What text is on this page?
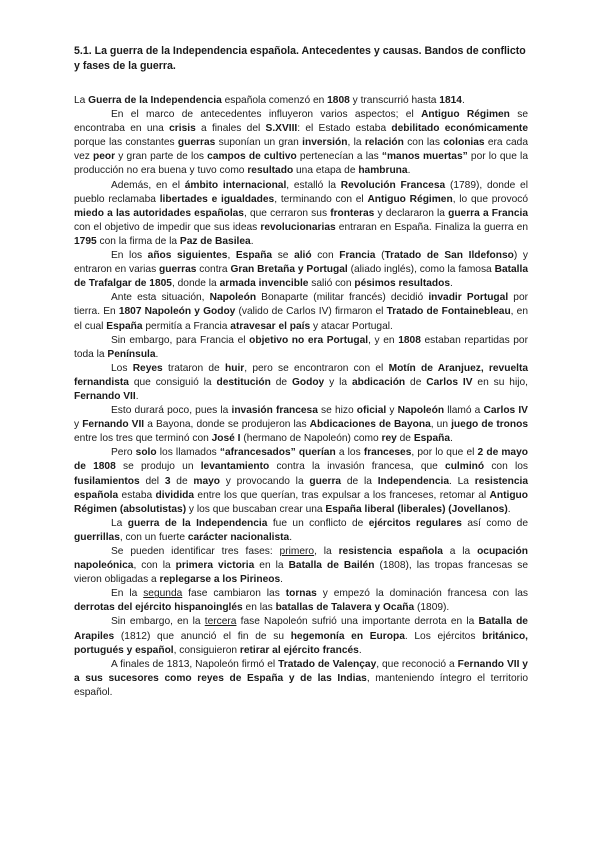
5.1. La guerra de la Independencia española. Antecedentes y causas. Bandos de conflicto y fases de la guerra.

La Guerra de la Independencia española comenzó en 1808 y transcurrió hasta 1814.

En el marco de antecedentes influyeron varios aspectos; el Antiguo Régimen se encontraba en una crisis a finales del S.XVIII: el Estado estaba debilitado económicamente porque las constantes guerras suponían un gran inversión, la relación con las colonias era cada vez peor y gran parte de los campos de cultivo pertenecían a las “manos muertas” por lo que la producción no era buena y tuvo como resultado una etapa de hambruna.

Además, en el ámbito internacional, estalló la Revolución Francesa (1789), donde el pueblo reclamaba libertades e igualdades, terminando con el Antiguo Régimen, lo que provocó miedo a las autoridades españolas, que cerraron sus fronteras y declararon la guerra a Francia con el objetivo de impedir que sus ideas revolucionarias entraran en España. Finaliza la guerra en 1795 con la firma de la Paz de Basilea.

En los años siguientes, España se alió con Francia (Tratado de San Ildefonso) y entraron en varias guerras contra Gran Bretaña y Portugal (aliado inglés), como la famosa Batalla de Trafalgar de 1805, donde la armada invencible salió con pésimos resultados.

Ante esta situación, Napoleón Bonaparte (militar francés) decidió invadir Portugal por tierra. En 1807 Napoleón y Godoy (valido de Carlos IV) firmaron el Tratado de Fontainebleau, en el cual España permitía a Francia atravesar el país y atacar Portugal.

Sin embargo, para Francia el objetivo no era Portugal, y en 1808 estaban repartidas por toda la Península.

Los Reyes trataron de huir, pero se encontraron con el Motín de Aranjuez, revuelta fernandista que consiguió la destitución de Godoy y la abdicación de Carlos IV en su hijo, Fernando VII.

Esto durará poco, pues la invasión francesa se hizo oficial y Napoleón llamó a Carlos IV y Fernando VII a Bayona, donde se produjeron las Abdicaciones de Bayona, un juego de tronos entre los tres que terminó con José I (hermano de Napoleón) como rey de España.

Pero solo los llamados “afrancesados” querían a los franceses, por lo que el 2 de mayo de 1808 se produjo un levantamiento contra la invasión francesa, que culminó con los fusilamientos del 3 de mayo y provocando la guerra de la Independencia. La resistencia española estaba dividida entre los que querían, tras expulsar a los franceses, retomar al Antiguo Régimen (absolutistas) y los que buscaban crear una España liberal (liberales) (Jovellanos).

La guerra de la Independencia fue un conflicto de ejércitos regulares así como de guerrillas, con un fuerte carácter nacionalista.

Se pueden identificar tres fases: primero, la resistencia española a la ocupación napoleónica, con la primera victoria en la Batalla de Bailén (1808), las tropas francesas se vieron obligadas a replegarse a los Pirineos.

En la segunda fase cambiaron las tornas y empezó la dominación francesa con las derrotas del ejército hispanoinglés en las batallas de Talavera y Ocaña (1809).

Sin embargo, en la tercera fase Napoleón sufrió una importante derrota en la Batalla de Arapiles (1812) que anunció el fin de su hegemonía en Europa. Los ejércitos británico, portugués y español, consiguieron retirar al ejército francés.

A finales de 1813, Napoleón firmó el Tratado de Valençay, que reconoció a Fernando VII y a sus sucesores como reyes de España y de las Indias, manteniendo íntegro el territorio español.
